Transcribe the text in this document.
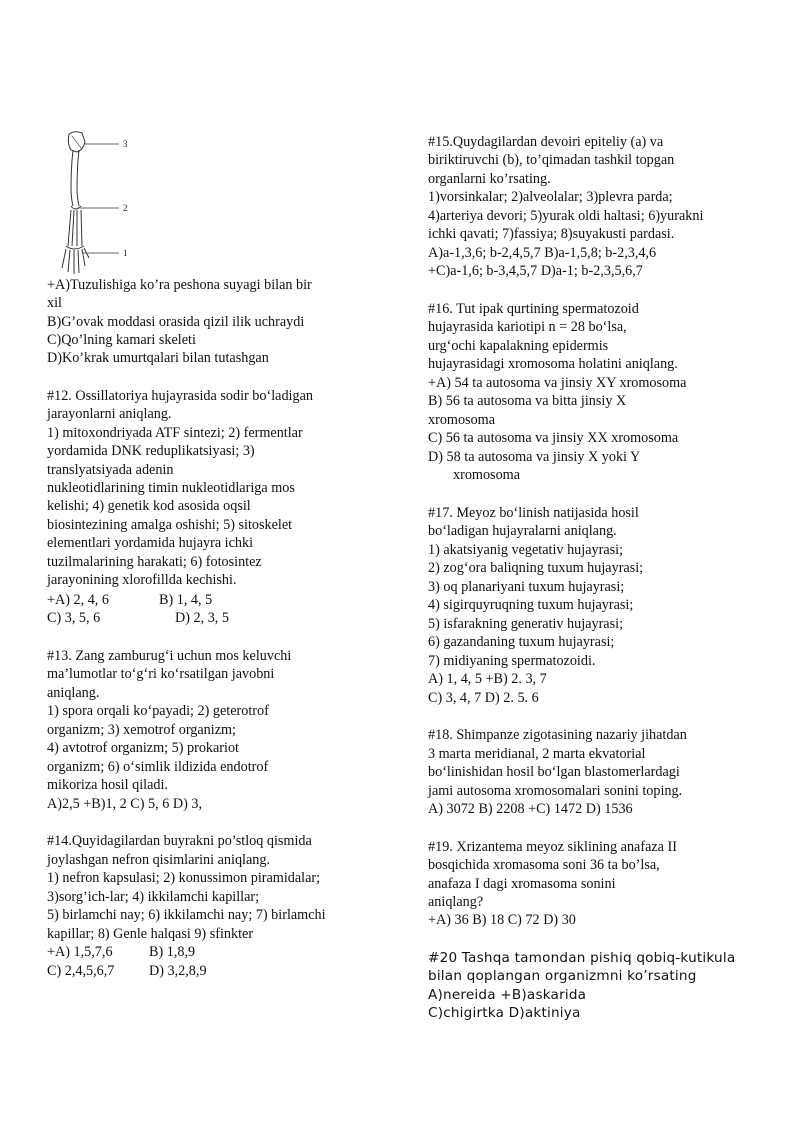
3
2
1
+A)Tuzulishiga ko’ra peshona suyagi bilan bir
xil
B)G’ovak moddasi orasida qizil ilik uchraydi
C)Qo’lning kamari skeleti
D)Ko’krak umurtqalari bilan tutashgan
#12. Ossillatoriya hujayrasida sodir bo‘ladigan
jarayonlarni aniqlang.
1) mitoxondriyada ATF sintezi; 2) fermentlar
yordamida DNK reduplikatsiyasi; 3)
translyatsiyada adenin
nukleotidlarining timin nukleotidlariga mos
kelishi; 4) genetik kod asosida oqsil
biosintezining amalga oshishi; 5) sitoskelet
elementlari yordamida hujayra ichki
tuzilmalarining harakati; 6) fotosintez
jarayonining xlorofillda kechishi.
+A) 2, 4, 6	B) 1, 4, 5
C) 3, 5, 6	D) 2, 3, 5
#13. Zang zamburug‘i uchun mos keluvchi
ma’lumotlar to‘g‘ri ko‘rsatilgan javobni
aniqlang.
1) spora orqali ko‘payadi; 2) geterotrof
organizm; 3) xemotrof organizm;
4) avtotrof organizm; 5) prokariot
organizm; 6) o‘simlik ildizida endotrof
mikoriza hosil qiladi.
A)2,5 +B)1, 2 C) 5, 6 D) 3,
#14.Quyidagilardan buyrakni po’stloq qismida
joylashgan nefron qisimlarini aniqlang.
1) nefron kapsulasi; 2) konussimon piramidalar;
3)sorg’ich-lar; 4) ikkilamchi kapillar;
5) birlamchi nay; 6) ikkilamchi nay; 7) birlamchi
kapillar; 8) Genle halqasi 9) sfinkter
+A) 1,5,7,6	B) 1,8,9
C) 2,4,5,6,7 D) 3,2,8,9
#15.Quydagilardan devoiri epiteliy (a) va
biriktiruvchi (b), to’qimadan tashkil topgan
organlarni ko’rsating.
1)vorsinkalar; 2)alveolalar; 3)plevra parda;
4)arteriya devori; 5)yurak oldi haltasi; 6)yurakni
ichki qavati; 7)fassiya; 8)suyakusti pardasi.
A)a-1,3,6; b-2,4,5,7 B)a-1,5,8; b-2,3,4,6
+C)a-1,6; b-3,4,5,7 D)a-1; b-2,3,5,6,7
#16. Tut ipak qurtining spermatozoid
hujayrasida kariotipi n = 28 bo‘lsa,
urg‘ochi kapalakning epidermis
hujayrasidagi xromosoma holatini aniqlang.
+A) 54 ta autosoma va jinsiy XY xromosoma
B) 56 ta autosoma va bitta jinsiy X
xromosoma
C) 56 ta autosoma va jinsiy XX xromosoma
D) 58 ta autosoma va jinsiy X yoki Y
xromosoma
#17. Meyoz bo‘linish natijasida hosil
bo‘ladigan hujayralarni aniqlang.
1) akatsiyanig vegetativ hujayrasi;
2) zog‘ora baliqning tuxum hujayrasi;
3) oq planariyani tuxum hujayrasi;
4) sigirquyruqning tuxum hujayrasi;
5) isfarakning generativ hujayrasi;
6) gazandaning tuxum hujayrasi;
7) midiyaning spermatozoidi.
A) 1, 4, 5 +B) 2. 3, 7
C) 3, 4, 7 D) 2. 5. 6
#18. Shimpanze zigotasining nazariy jihatdan
3 marta meridianal, 2 marta ekvatorial
bo‘linishidan hosil bo‘lgan blastomerlardagi
jami autosoma xromosomalari sonini toping.
A) 3072 B) 2208 +C) 1472 D) 1536
#19. Xrizantema meyoz siklining anafaza II
bosqichida xromasoma soni 36 ta bo’lsa,
anafaza I dagi xromasoma sonini
aniqlang?
+A) 36 B) 18 C) 72 D) 30
#20 Tashqa tamondan pishiq qobiq-kutikula
bilan qoplangan organizmni ko’rsating
A)nereida +B)askarida
C)chigirtka D)aktiniya
